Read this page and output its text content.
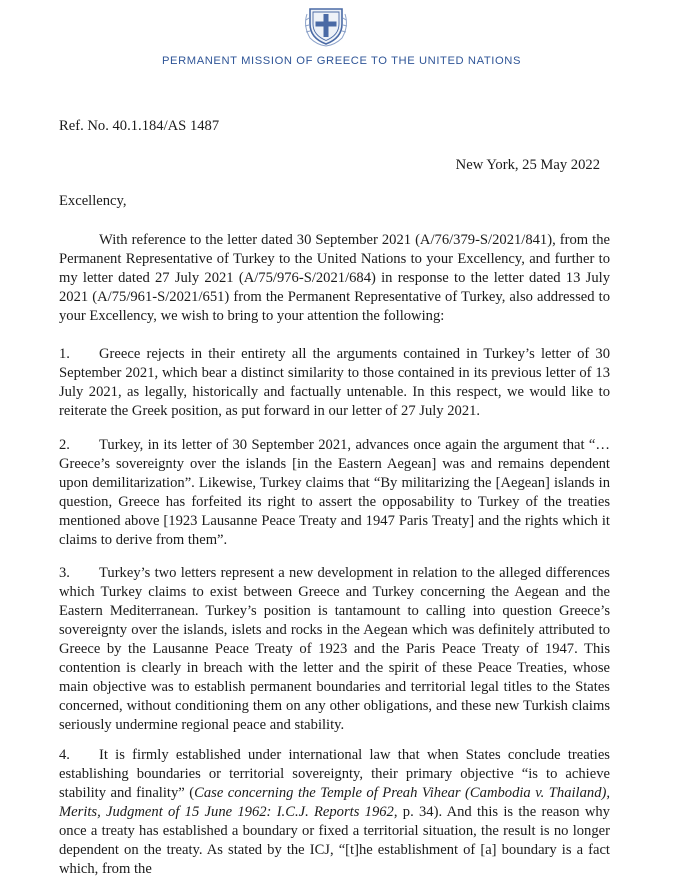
PERMANENT MISSION OF GREECE TO THE UNITED NATIONS
Ref. No. 40.1.184/AS 1487
New York, 25 May 2022
Excellency,

With reference to the letter dated 30 September 2021 (A/76/379-S/2021/841), from the Permanent Representative of Turkey to the United Nations to your Excellency, and further to my letter dated 27 July 2021 (A/75/976-S/2021/684) in response to the letter dated 13 July 2021 (A/75/961-S/2021/651) from the Permanent Representative of Turkey, also addressed to your Excellency, we wish to bring to your attention the following:

1. Greece rejects in their entirety all the arguments contained in Turkey’s letter of 30 September 2021, which bear a distinct similarity to those contained in its previous letter of 13 July 2021, as legally, historically and factually untenable. In this respect, we would like to reiterate the Greek position, as put forward in our letter of 27 July 2021.

2. Turkey, in its letter of 30 September 2021, advances once again the argument that “…Greece’s sovereignty over the islands [in the Eastern Aegean] was and remains dependent upon demilitarization”. Likewise, Turkey claims that “By militarizing the [Aegean] islands in question, Greece has forfeited its right to assert the opposability to Turkey of the treaties mentioned above [1923 Lausanne Peace Treaty and 1947 Paris Treaty] and the rights which it claims to derive from them”.

3. Turkey’s two letters represent a new development in relation to the alleged differences which Turkey claims to exist between Greece and Turkey concerning the Aegean and the Eastern Mediterranean. Turkey’s position is tantamount to calling into question Greece’s sovereignty over the islands, islets and rocks in the Aegean which was definitely attributed to Greece by the Lausanne Peace Treaty of 1923 and the Paris Peace Treaty of 1947. This contention is clearly in breach with the letter and the spirit of these Peace Treaties, whose main objective was to establish permanent boundaries and territorial legal titles to the States concerned, without conditioning them on any other obligations, and these new Turkish claims seriously undermine regional peace and stability.

4. It is firmly established under international law that when States conclude treaties establishing boundaries or territorial sovereignty, their primary objective “is to achieve stability and finality” (Case concerning the Temple of Preah Vihear (Cambodia v. Thailand), Merits, Judgment of 15 June 1962: I.C.J. Reports 1962, p. 34). And this is the reason why once a treaty has established a boundary or fixed a territorial situation, the result is no longer dependent on the treaty. As stated by the ICJ, “[t]he establishment of [a] boundary is a fact which, from the
